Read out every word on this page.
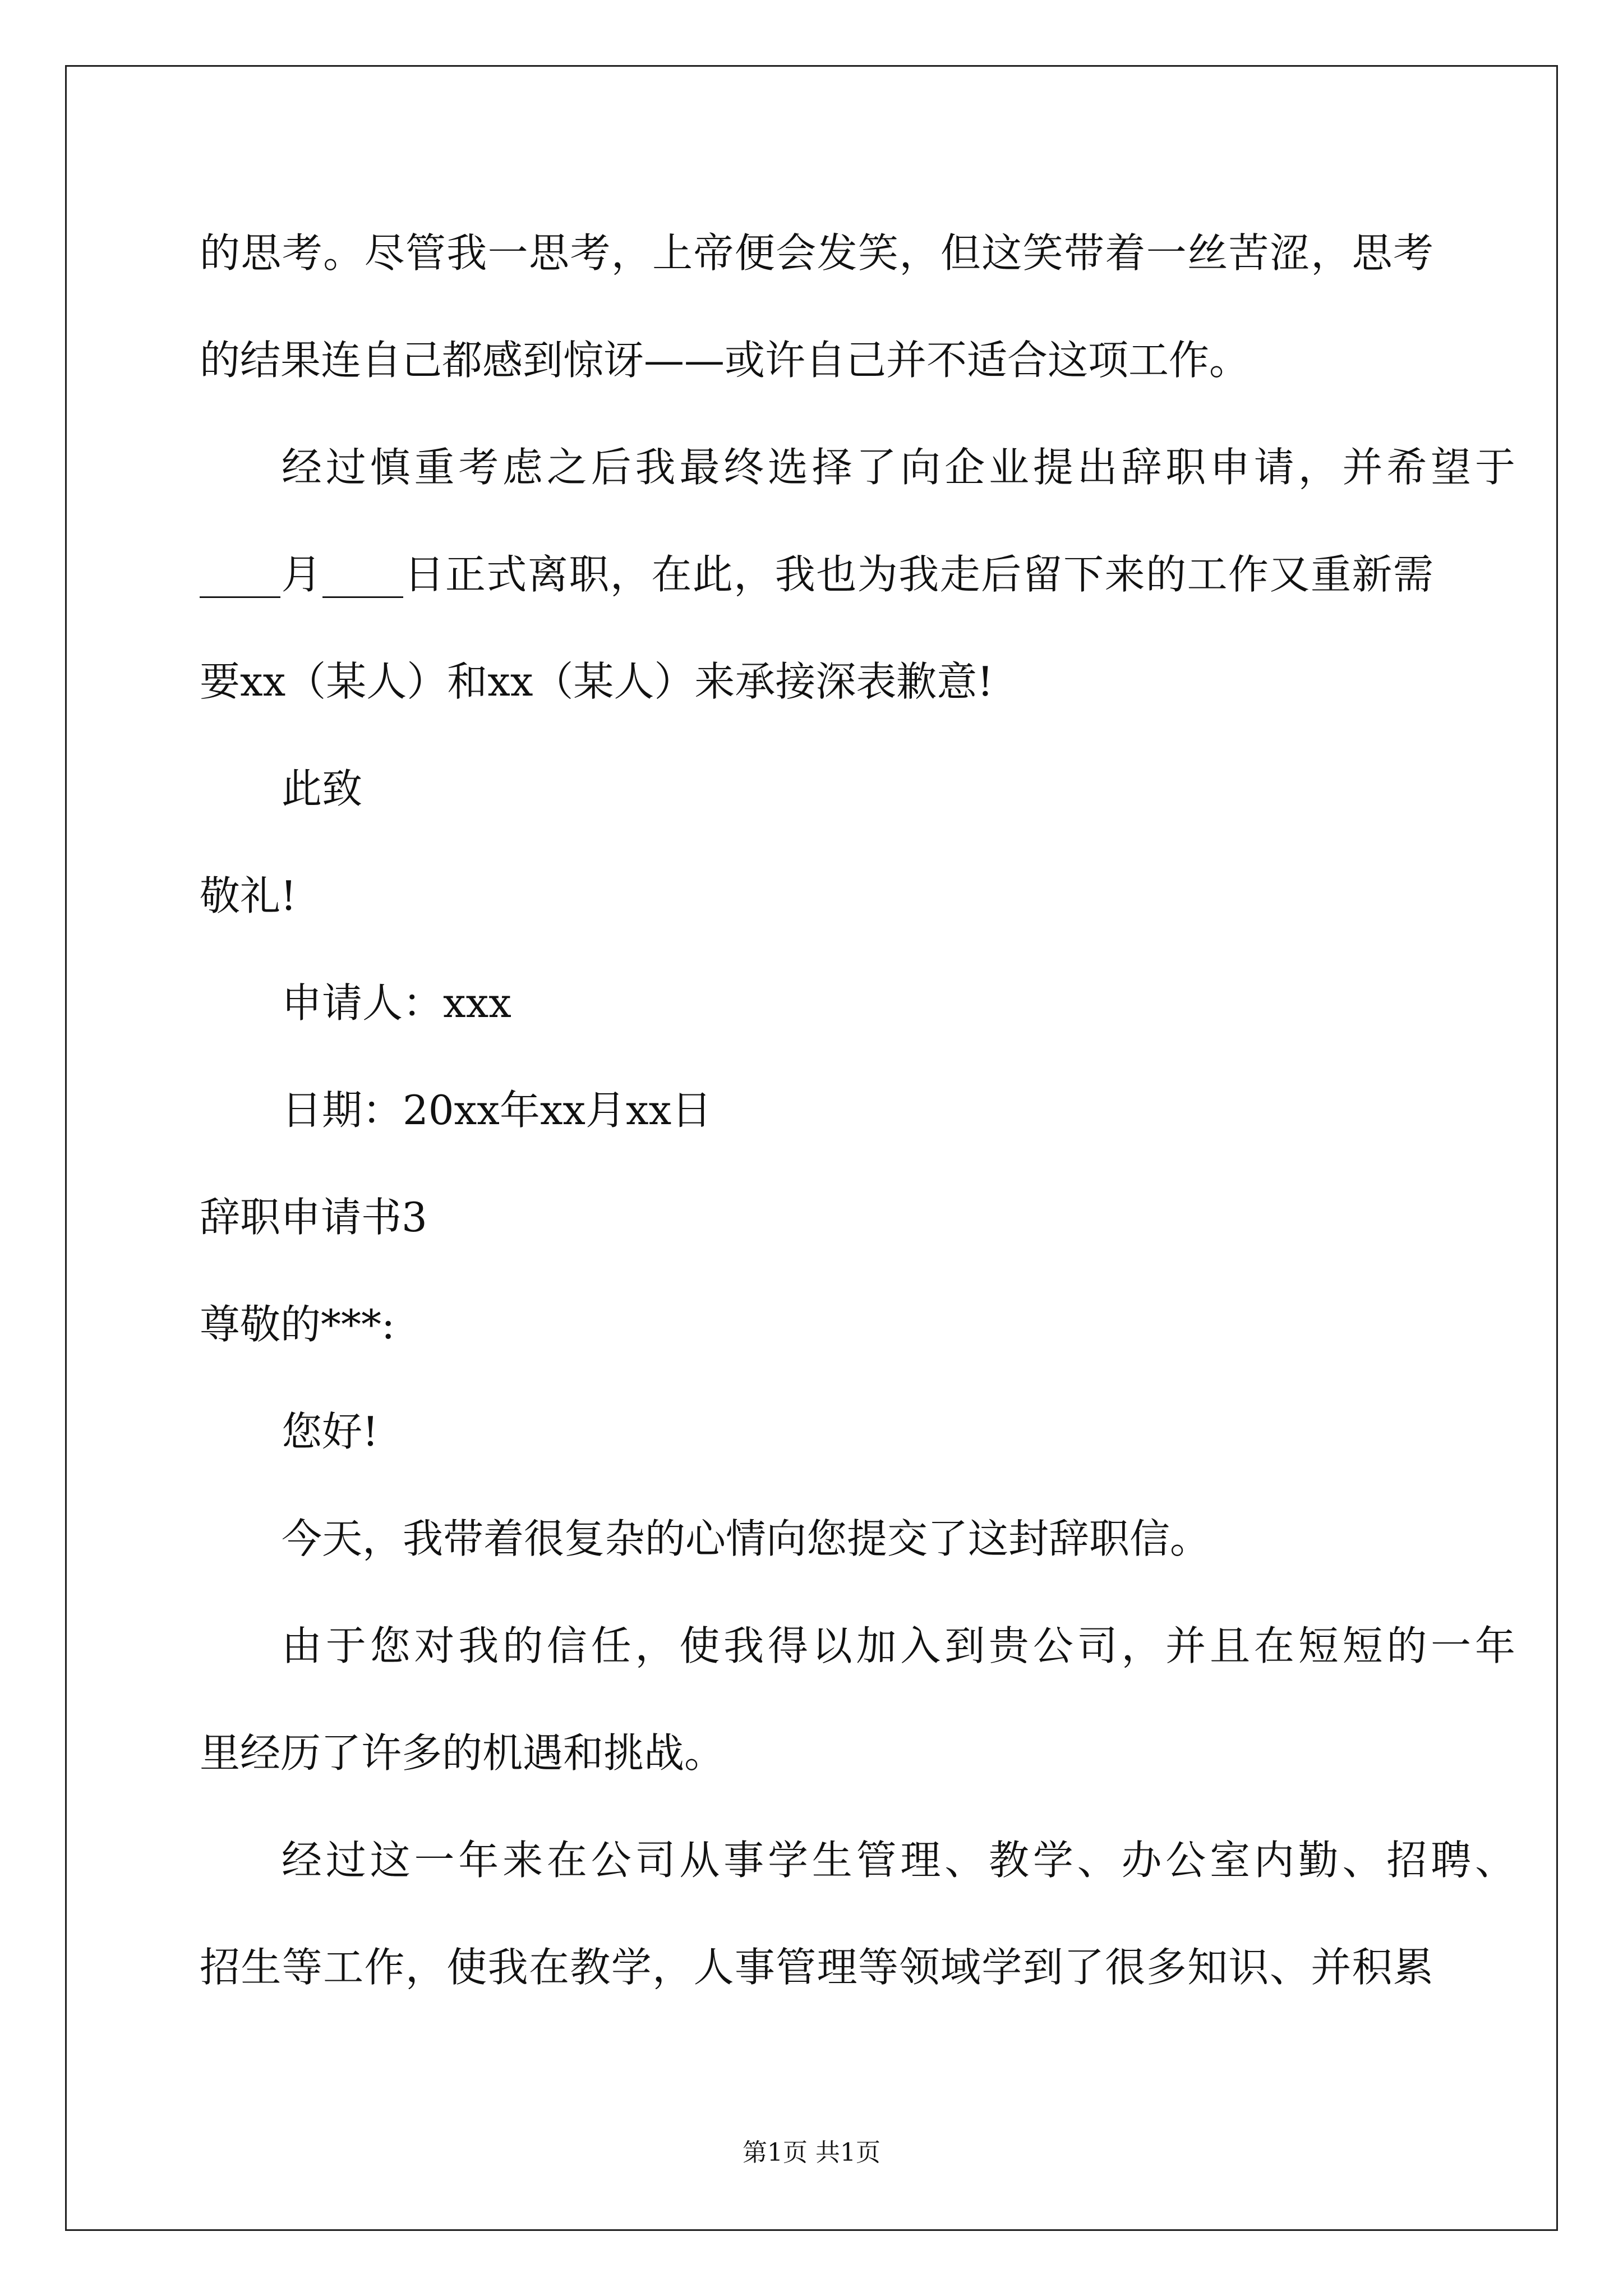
的思考。尽管我一思考，上帝便会发笑，但这笑带着一丝苦涩，思考
的结果连自己都感到惊讶——或许自己并不适合这项工作。
经过慎重考虑之后我最终选择了向企业提出辞职申请，并希望于
____月____日正式离职，在此，我也为我走后留下来的工作又重新需
要xx（某人）和xx（某人）来承接深表歉意!
此致
敬礼!
申请人：xxx
日期：20xx年xx月xx日
辞职申请书3
尊敬的***:
您好!
今天，我带着很复杂的心情向您提交了这封辞职信。
由于您对我的信任，使我得以加入到贵公司，并且在短短的一年
里经历了许多的机遇和挑战。
经过这一年来在公司从事学生管理、教学、办公室内勤、招聘、
招生等工作，使我在教学，人事管理等领域学到了很多知识、并积累
第1页 共1页
